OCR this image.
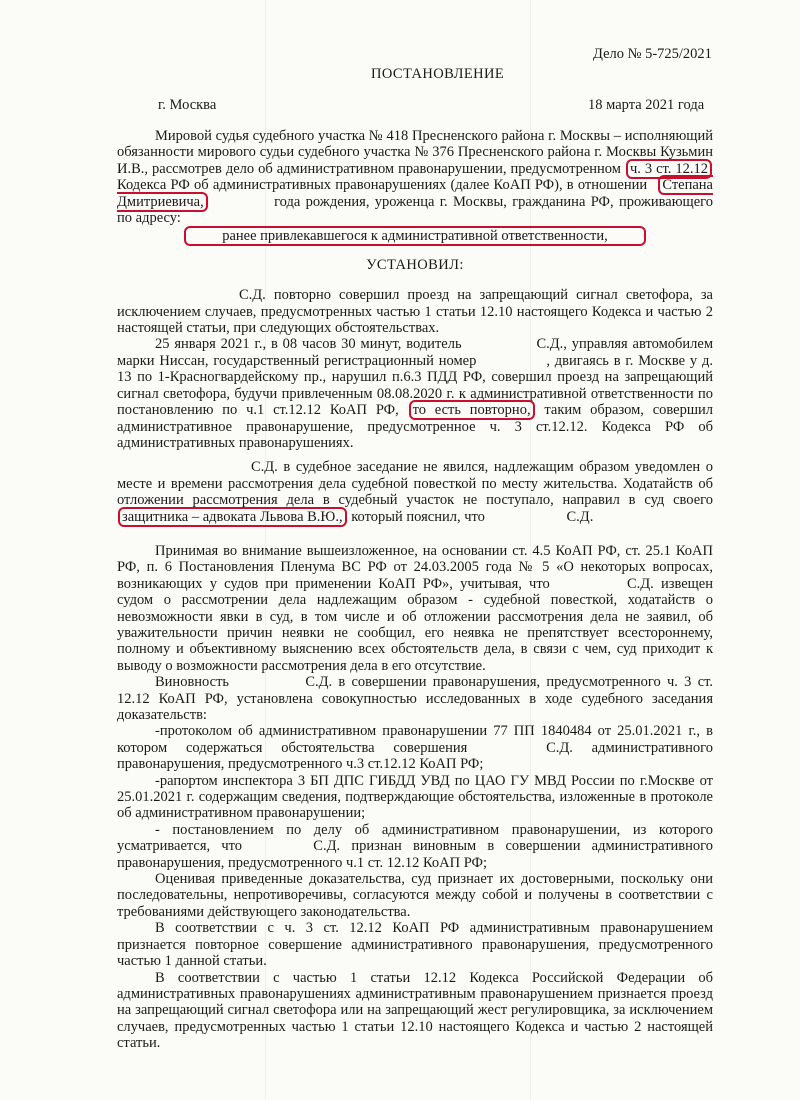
Дело № 5-725/2021
ПОСТАНОВЛЕНИЕ
г. Москва	18 марта 2021 года

Мировой судья судебного участка № 418 Пресненского района г. Москвы – исполняющий обязанности мирового судьи судебного участка № 376 Пресненского района г. Москвы Кузьмин И.В., рассмотрев дело об административном правонарушении, предусмотренном ч. 3 ст. 12.12 Кодекса РФ об административных правонарушениях (далее КоАП РФ), в отношении Степана Дмитриевича,	года рождения, уроженца г. Москвы, гражданина РФ, проживающего по адресу:

ранее привлекавшегося к административной ответственности,

УСТАНОВИЛ:

С.Д. повторно совершил проезд на запрещающий сигнал светофора, за исключением случаев, предусмотренных частью 1 статьи 12.10 настоящего Кодекса и частью 2 настоящей статьи, при следующих обстоятельствах.

25 января 2021 г., в 08 часов 30 минут, водитель	С.Д., управляя автомобилем марки Ниссан, государственный регистрационный номер	, двигаясь в г. Москве у д. 13 по 1-Красногвардейскому пр., нарушил п.6.3 ПДД РФ, совершил проезд на запрещающий сигнал светофора, будучи привлеченным 08.08.2020 г. к административной ответственности по постановлению по ч.1 ст.12.12 КоАП РФ, то есть повторно, таким образом, совершил административное правонарушение, предусмотренное ч. 3 ст.12.12. Кодекса РФ об административных правонарушениях.

С.Д. в судебное заседание не явился, надлежащим образом уведомлен о месте и времени рассмотрения дела судебной повесткой по месту жительства. Ходатайств об отложении рассмотрения дела в судебный участок не поступало, направил в суд своего защитника – адвоката Львова В.Ю., который пояснил, что	С.Д.

Принимая во внимание вышеизложенное, на основании ст. 4.5 КоАП РФ, ст. 25.1 КоАП РФ, п. 6 Постановления Пленума ВС РФ от 24.03.2005 года № 5 «О некоторых вопросах, возникающих у судов при применении КоАП РФ», учитывая, что	С.Д. извещен судом о рассмотрении дела надлежащим образом - судебной повесткой, ходатайств о невозможности явки в суд, в том числе и об отложении рассмотрения дела не заявил, об уважительности причин неявки не сообщил, его неявка не препятствует всестороннему, полному и объективному выяснению всех обстоятельств дела, в связи с чем, суд приходит к выводу о возможности рассмотрения дела в его отсутствие.

Виновность	С.Д. в совершении правонарушения, предусмотренного ч. 3 ст. 12.12 КоАП РФ, установлена совокупностью исследованных в ходе судебного заседания доказательств:

-протоколом об административном правонарушении 77 ПП 1840484 от 25.01.2021 г., в котором содержаться обстоятельства совершения	С.Д. административного правонарушения, предусмотренного ч.3 ст.12.12 КоАП РФ;

-рапортом инспектора 3 БП ДПС ГИБДД УВД по ЦАО ГУ МВД России по г.Москве от 25.01.2021 г. содержащим сведения, подтверждающие обстоятельства, изложенные в протоколе об административном правонарушении;

- постановлением по делу об административном правонарушении, из которого усматривается, что	С.Д. признан виновным в совершении административного правонарушения, предусмотренного ч.1 ст. 12.12 КоАП РФ;

Оценивая приведенные доказательства, суд признает их достоверными, поскольку они последовательны, непротиворечивы, согласуются между собой и получены в соответствии с требованиями действующего законодательства.

В соответствии с ч. 3 ст. 12.12 КоАП РФ административным правонарушением признается повторное совершение административного правонарушения, предусмотренного частью 1 данной статьи.

В соответствии с частью 1 статьи 12.12 Кодекса Российской Федерации об административных правонарушениях административным правонарушением признается проезд на запрещающий сигнал светофора или на запрещающий жест регулировщика, за исключением случаев, предусмотренных частью 1 статьи 12.10 настоящего Кодекса и частью 2 настоящей статьи.
